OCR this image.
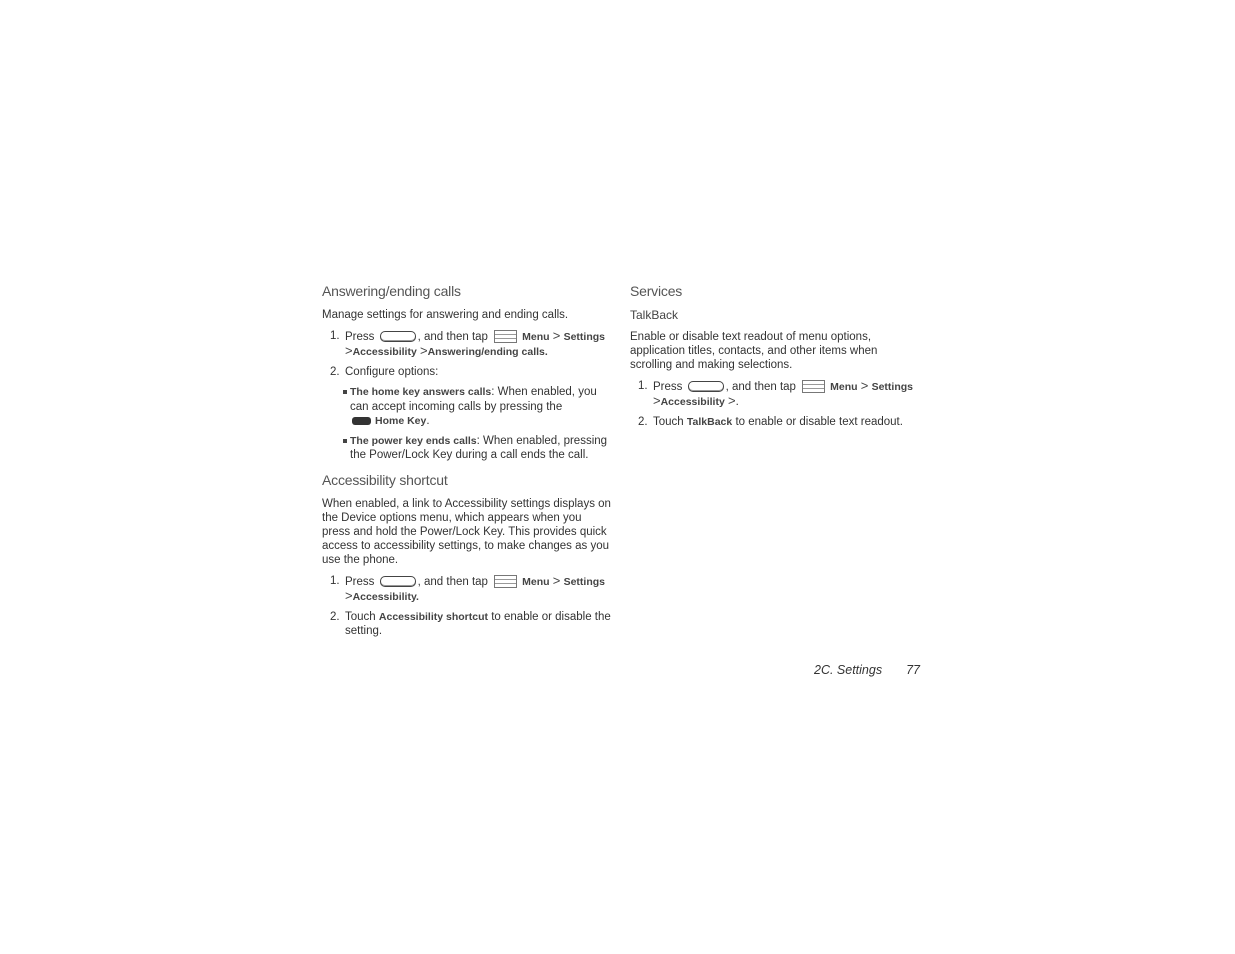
Answering/ending calls
Manage settings for answering and ending calls.
1. Press	, and then tap	Menu > Settings
>Accessibility >Answering/ending calls.
2. Configure options:
The home key answers calls: When enabled, you can accept incoming calls by pressing the
Home Key.
The power key ends calls: When enabled, pressing the Power/Lock Key during a call ends the call.
Accessibility shortcut
When enabled, a link to Accessibility settings displays on the Device options menu, which appears when you press and hold the Power/Lock Key. This provides quick access to accessibility settings, to make changes as you use the phone.
1. Press	, and then tap	Menu > Settings
>Accessibility.
2. Touch Accessibility shortcut to enable or disable the setting.
Services
TalkBack
Enable or disable text readout of menu options, application titles, contacts, and other items when scrolling and making selections.
1. Press	, and then tap	Menu > Settings
>Accessibility >.
2. Touch TalkBack to enable or disable text readout.
2C. Settings 77
